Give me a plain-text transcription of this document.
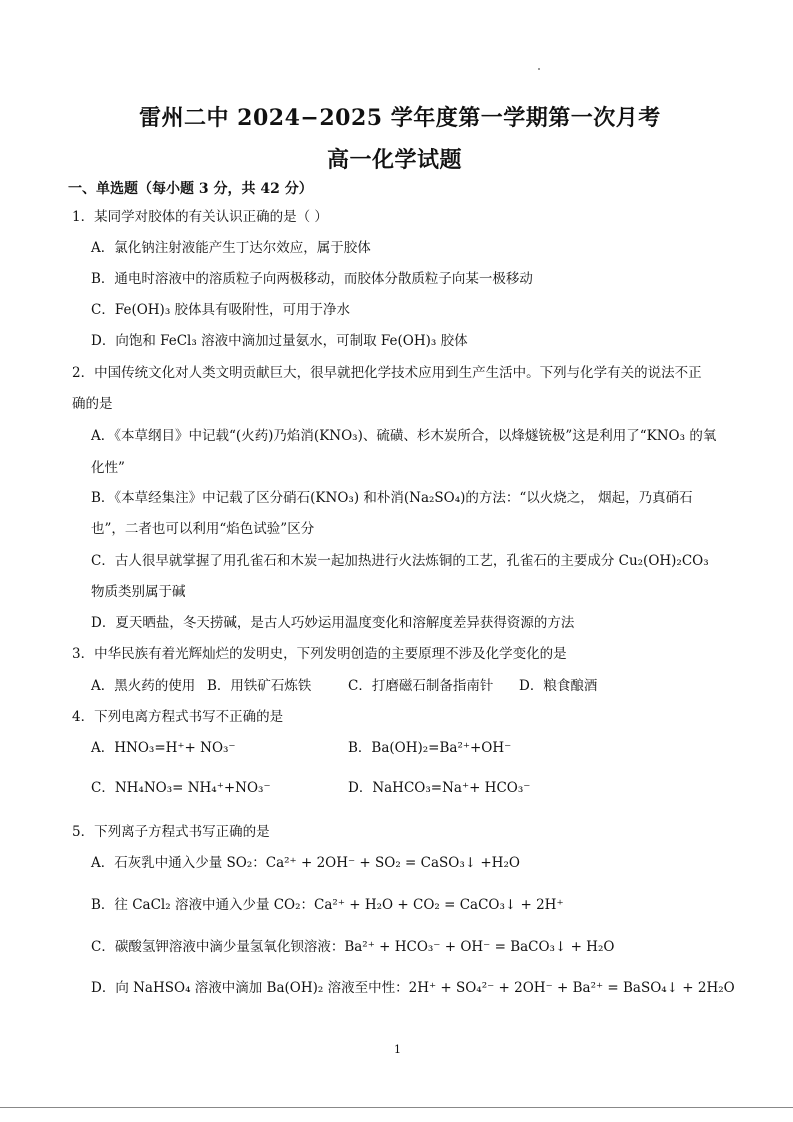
雷州二中 2024−2025 学年度第一学期第一次月考
高一化学试题
一、单选题（每小题 3 分，共 42 分）
1．某同学对胶体的有关认识正确的是（ ）
A．氯化钠注射液能产生丁达尔效应，属于胶体
B．通电时溶液中的溶质粒子向两极移动，而胶体分散质粒子向某一极移动
C．Fe(OH)₃ 胶体具有吸附性，可用于净水
D．向饱和 FeCl₃ 溶液中滴加过量氨水，可制取 Fe(OH)₃ 胶体
2．中国传统文化对人类文明贡献巨大，很早就把化学技术应用到生产生活中。下列与化学有关的说法不正
确的是
A．《本草纲目》中记载“(火药)乃焰消(KNO₃)、硫磺、杉木炭所合，以烽燧铳极”这是利用了“KNO₃ 的氧
化性”
B．《本草经集注》中记载了区分硝石(KNO₃) 和朴消(Na₂SO₄)的方法：“以火烧之， 烟起，乃真硝石
也”，二者也可以利用“焰色试验”区分
C．古人很早就掌握了用孔雀石和木炭一起加热进行火法炼铜的工艺，孔雀石的主要成分 Cu₂(OH)₂CO₃
物质类别属于碱
D．夏天晒盐，冬天捞碱，是古人巧妙运用温度变化和溶解度差异获得资源的方法
3．中华民族有着光辉灿烂的发明史，下列发明创造的主要原理不涉及化学变化的是
A．黑火药的使用 B．用铁矿石炼铁	C．打磨磁石制备指南针 D．粮食酿酒
4．下列电离方程式书写不正确的是
A．HNO₃=H⁺+ NO₃⁻	B．Ba(OH)₂=Ba²⁺+OH⁻
C．NH₄NO₃= NH₄⁺+NO₃⁻	D．NaHCO₃=Na⁺+ HCO₃⁻
5．下列离子方程式书写正确的是
A．石灰乳中通入少量 SO₂：Ca²⁺ + 2OH⁻ + SO₂ = CaSO₃↓ +H₂O
B．往 CaCl₂ 溶液中通入少量 CO₂：Ca²⁺ + H₂O + CO₂ = CaCO₃↓ + 2H⁺
C．碳酸氢钾溶液中滴少量氢氧化钡溶液：Ba²⁺ + HCO₃⁻ + OH⁻ = BaCO₃↓ + H₂O
D．向 NaHSO₄ 溶液中滴加 Ba(OH)₂ 溶液至中性：2H⁺ + SO₄²⁻ + 2OH⁻ + Ba²⁺ = BaSO₄↓ + 2H₂O
1
